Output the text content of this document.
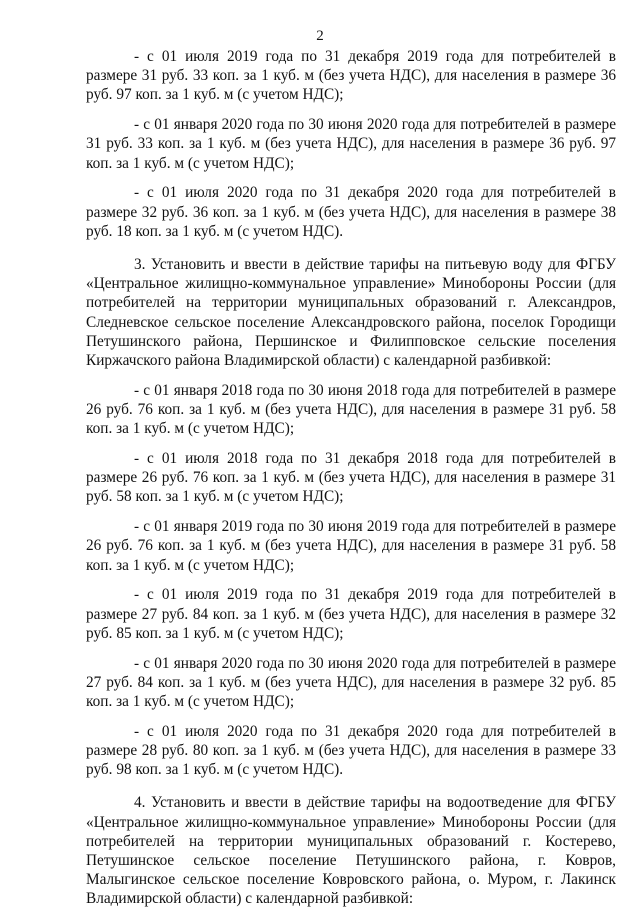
2

- с 01 июля 2019 года по 31 декабря 2019 года для потребителей в размере 31 руб. 33 коп. за 1 куб. м (без учета НДС), для населения в размере 36 руб. 97 коп. за 1 куб. м (с учетом НДС);

- с 01 января 2020 года по 30 июня 2020 года для потребителей в размере 31 руб. 33 коп. за 1 куб. м (без учета НДС), для населения в размере 36 руб. 97 коп. за 1 куб. м (с учетом НДС);

- с 01 июля 2020 года по 31 декабря 2020 года для потребителей в размере 32 руб. 36 коп. за 1 куб. м (без учета НДС), для населения в размере 38 руб. 18 коп. за 1 куб. м (с учетом НДС).

3. Установить и ввести в действие тарифы на питьевую воду для ФГБУ «Центральное жилищно-коммунальное управление» Минобороны России (для потребителей на территории муниципальных образований г. Александров, Следневское сельское поселение Александровского района, поселок Городищи Петушинского района, Першинское и Филипповское сельские поселения Киржачского района Владимирской области) с календарной разбивкой:

- с 01 января 2018 года по 30 июня 2018 года для потребителей в размере 26 руб. 76 коп. за 1 куб. м (без учета НДС), для населения в размере 31 руб. 58 коп. за 1 куб. м (с учетом НДС);

- с 01 июля 2018 года по 31 декабря 2018 года для потребителей в размере 26 руб. 76 коп. за 1 куб. м (без учета НДС), для населения в размере 31 руб. 58 коп. за 1 куб. м (с учетом НДС);

- с 01 января 2019 года по 30 июня 2019 года для потребителей в размере 26 руб. 76 коп. за 1 куб. м (без учета НДС), для населения в размере 31 руб. 58 коп. за 1 куб. м (с учетом НДС);

- с 01 июля 2019 года по 31 декабря 2019 года для потребителей в размере 27 руб. 84 коп. за 1 куб. м (без учета НДС), для населения в размере 32 руб. 85 коп. за 1 куб. м (с учетом НДС);

- с 01 января 2020 года по 30 июня 2020 года для потребителей в размере 27 руб. 84 коп. за 1 куб. м (без учета НДС), для населения в размере 32 руб. 85 коп. за 1 куб. м (с учетом НДС);

- с 01 июля 2020 года по 31 декабря 2020 года для потребителей в размере 28 руб. 80 коп. за 1 куб. м (без учета НДС), для населения в размере 33 руб. 98 коп. за 1 куб. м (с учетом НДС).

4. Установить и ввести в действие тарифы на водоотведение для ФГБУ «Центральное жилищно-коммунальное управление» Минобороны России (для потребителей на территории муниципальных образований г. Костерево, Петушинское сельское поселение Петушинского района, г. Ковров, Малыгинское сельское поселение Ковровского района, о. Муром, г. Лакинск Владимирской области) с календарной разбивкой:
